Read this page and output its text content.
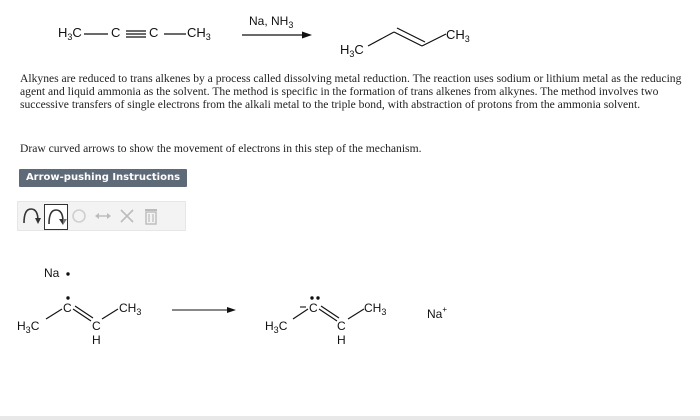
$H_3C$ C C $CH_3$
Na, $NH_3$
$H_3C$
$CH_3$
Alkynes are reduced to trans alkenes by a process called dissolving metal reduction. The reaction uses sodium or lithium metal as the reducing agent and liquid ammonia as the solvent. The method is specific in the formation of trans alkenes from alkynes. The method involves two successive transfers of single electrons from the alkali metal to the triple bond, with abstraction of protons from the ammonia solvent.
Draw curved arrows to show the movement of electrons in this step of the mechanism.
Arrow-pushing Instructions
Na
$H_3C$
C	$CH_3$
C
H
$H_3C$
C	$CH_3$
C
H
Na+
